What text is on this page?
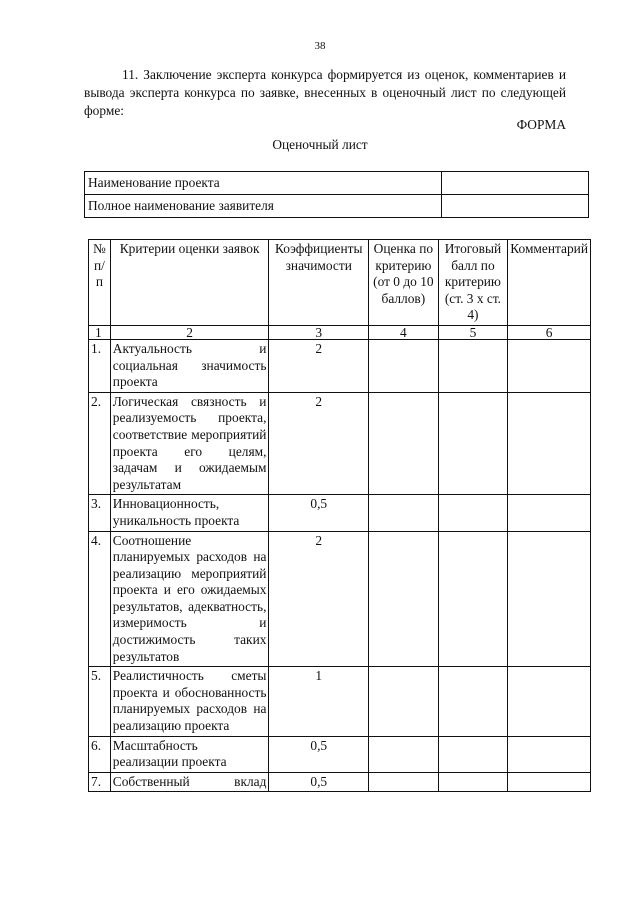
38

11. Заключение эксперта конкурса формируется из оценок, комментариев и вывода эксперта конкурса по заявке, внесенных в оценочный лист по следующей форме:

ФОРМА
Оценочный лист
Наименование проекта	
Полное наименование заявителя	
№ п/п	Критерии оценки заявок	Коэффициенты значимости	Оценка по критерию (от 0 до 10 баллов)	Итоговый балл по критерию (ст. 3 х ст. 4)	Комментарий
1	2	3	4	5	6
1.	Актуальность и социальная значимость проекта	2			
2.	Логическая связность и реализуемость проекта, соответствие мероприятий проекта его целям, задачам и ожидаемым результатам	2			
3.	Инновационность, уникальность проекта	0,5			
4.	Соотношение планируемых расходов на реализацию мероприятий проекта и его ожидаемых результатов, адекватность, измеримость и достижимость таких результатов	2			
5.	Реалистичность сметы проекта и обоснованность планируемых расходов на реализацию проекта	1			
6.	Масштабность реализации проекта	0,5			
7.	Собственный вклад	0,5			
